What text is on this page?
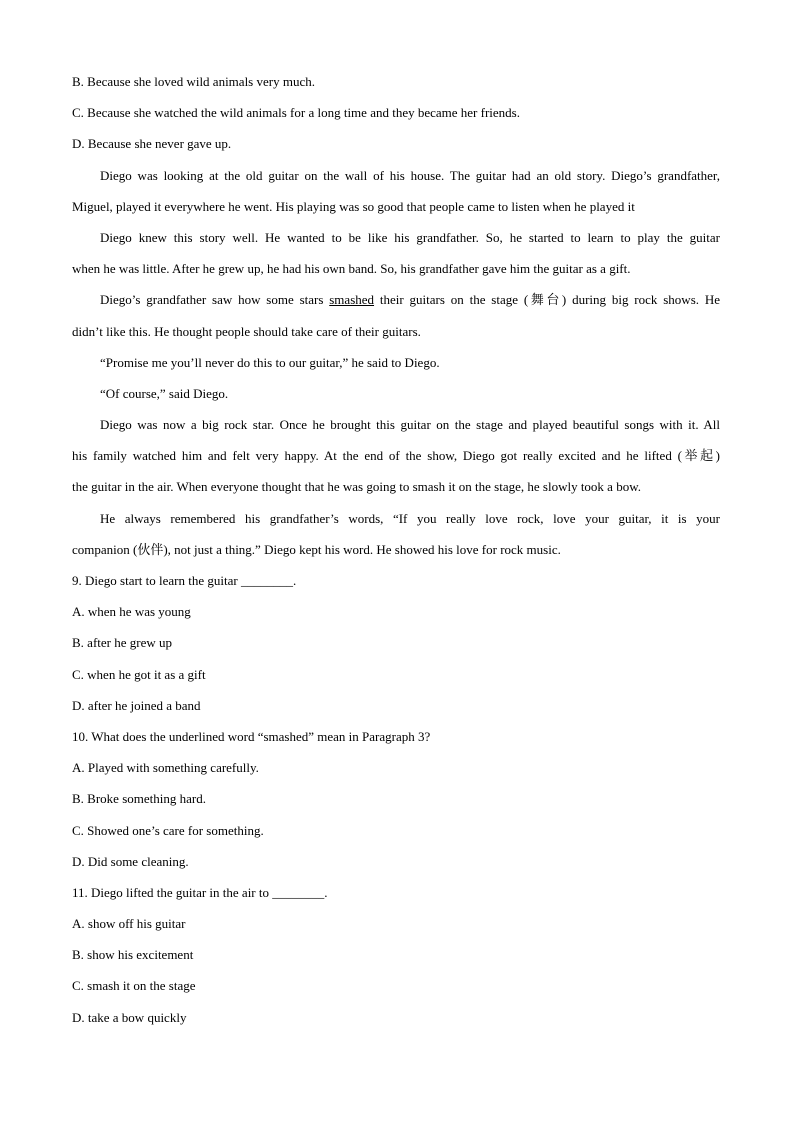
B. Because she loved wild animals very much.
C. Because she watched the wild animals for a long time and they became her friends.
D. Because she never gave up.
Diego was looking at the old guitar on the wall of his house. The guitar had an old story. Diego’s grandfather,
Miguel, played it everywhere he went. His playing was so good that people came to listen when he played it
Diego knew this story well. He wanted to be like his grandfather. So, he started to learn to play the guitar
when he was little. After he grew up, he had his own band. So, his grandfather gave him the guitar as a gift.
Diego’s grandfather saw how some stars smashed their guitars on the stage (舞台) during big rock shows. He
didn’t like this. He thought people should take care of their guitars.
“Promise me you’ll never do this to our guitar,” he said to Diego.
“Of course,” said Diego.
Diego was now a big rock star. Once he brought this guitar on the stage and played beautiful songs with it. All
his family watched him and felt very happy. At the end of the show, Diego got really excited and he lifted (举起)
the guitar in the air. When everyone thought that he was going to smash it on the stage, he slowly took a bow.
He always remembered his grandfather’s words, “If you really love rock, love your guitar, it is your
companion (伙伴), not just a thing.” Diego kept his word. He showed his love for rock music.
9. Diego start to learn the guitar ________.
A. when he was young
B. after he grew up
C. when he got it as a gift
D. after he joined a band
10. What does the underlined word “smashed” mean in Paragraph 3?
A. Played with something carefully.
B. Broke something hard.
C. Showed one’s care for something.
D. Did some cleaning.
11. Diego lifted the guitar in the air to ________.
A. show off his guitar
B. show his excitement
C. smash it on the stage
D. take a bow quickly
